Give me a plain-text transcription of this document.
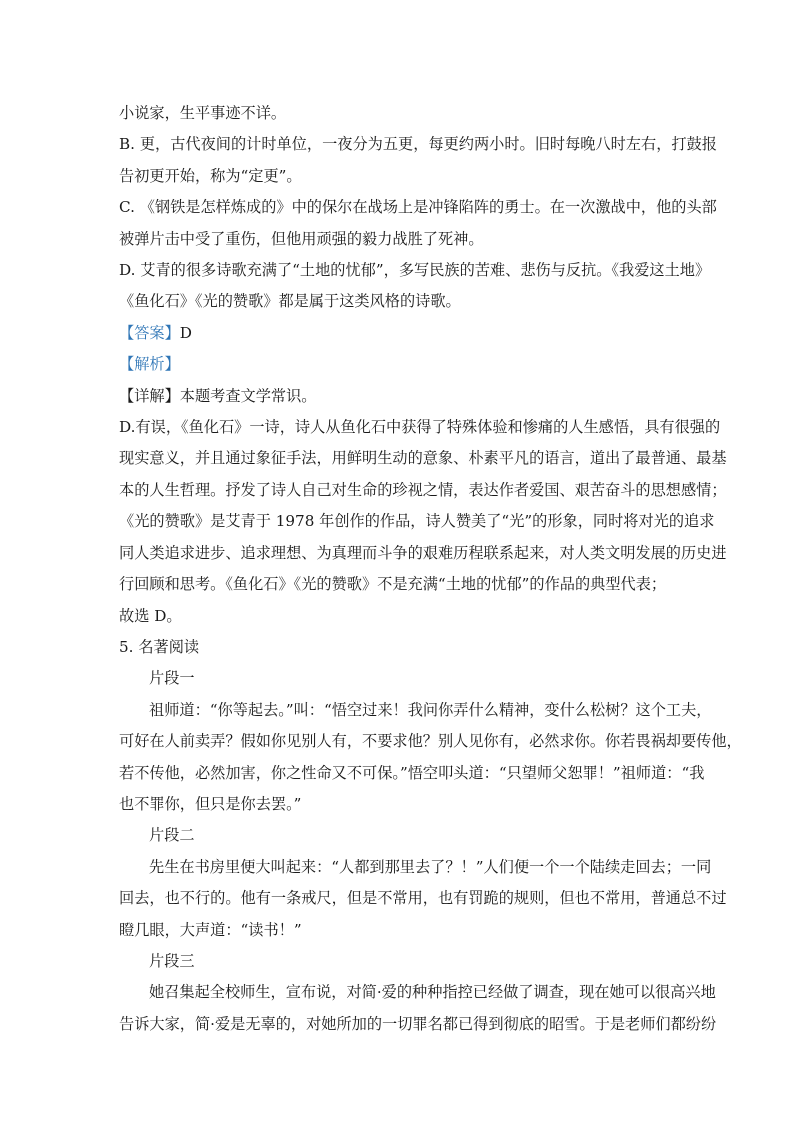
小说家，生平事迹不详。

B. 更，古代夜间的计时单位，一夜分为五更，每更约两小时。旧时每晚八时左右，打鼓报
告初更开始，称为“定更”。

C. 《钢铁是怎样炼成的》中的保尔在战场上是冲锋陷阵的勇士。在一次激战中，他的头部
被弹片击中受了重伤，但他用顽强的毅力战胜了死神。

D. 艾青的很多诗歌充满了“土地的忧郁”，多写民族的苦难、悲伤与反抗。《我爱这土地》
《鱼化石》《光的赞歌》都是属于这类风格的诗歌。

【答案】D

【解析】

【详解】本题考查文学常识。

D.有误，《鱼化石》一诗，诗人从鱼化石中获得了特殊体验和惨痛的人生感悟，具有很强的
现实意义，并且通过象征手法，用鲜明生动的意象、朴素平凡的语言，道出了最普通、最基
本的人生哲理。抒发了诗人自己对生命的珍视之情，表达作者爱国、艰苦奋斗的思想感情；
《光的赞歌》是艾青于 1978 年创作的作品，诗人赞美了“光”的形象，同时将对光的追求
同人类追求进步、追求理想、为真理而斗争的艰难历程联系起来，对人类文明发展的历史进
行回顾和思考。《鱼化石》《光的赞歌》不是充满“土地的忧郁”的作品的典型代表；
故选 D。

5. 名著阅读

片段一

祖师道：“你等起去。”叫：“悟空过来！我问你弄什么精神，变什么松树？这个工夫，
可好在人前卖弄？假如你见别人有，不要求他？别人见你有，必然求你。你若畏祸却要传他，
若不传他，必然加害，你之性命又不可保。”悟空叩头道：“只望师父恕罪！”祖师道：“我
也不罪你，但只是你去罢。”

片段二

先生在书房里便大叫起来：“人都到那里去了？！”人们便一个一个陆续走回去；一同
回去，也不行的。他有一条戒尺，但是不常用，也有罚跪的规则，但也不常用，普通总不过
瞪几眼，大声道：“读书！”

片段三

她召集起全校师生，宣布说，对简·爱的种种指控已经做了调查，现在她可以很高兴地
告诉大家，简·爱是无辜的，对她所加的一切罪名都已得到彻底的昭雪。于是老师们都纷纷
